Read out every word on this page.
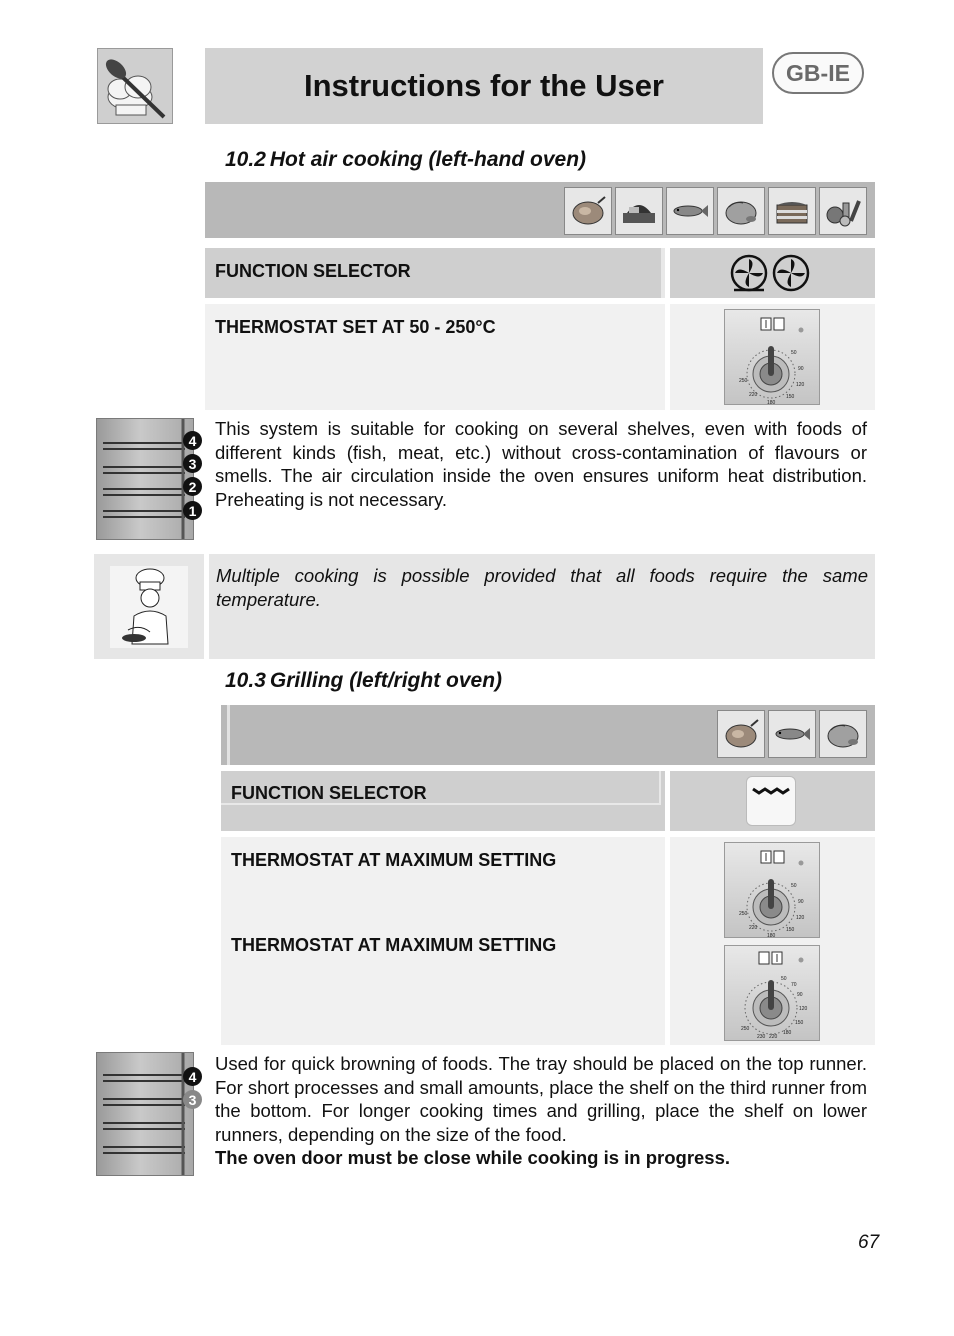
Instructions for the User	GB-IE
10.2 Hot air cooking (left-hand oven)
FUNCTION SELECTOR
THERMOSTAT SET AT 50 - 250°C
50
90
120
150
180
220
250
4
3
2
1

This system is suitable for cooking on several shelves, even with foods of different kinds (fish, meat, etc.) without cross-contamination of flavours or smells. The air circulation inside the oven ensures uniform heat distribution. Preheating is not necessary.

Multiple cooking is possible provided that all foods require the same temperature.

10.3 Grilling (left/right oven)
FUNCTION SELECTOR
THERMOSTAT AT MAXIMUM SETTING
THERMOSTAT AT MAXIMUM SETTING
50
90
120
150
180
220
250
50
70
90
120
150
180
220
230
250
4
3

Used for quick browning of foods. The tray should be placed on the top runner. For short processes and small amounts, place the shelf on the third runner from the bottom. For longer cooking times and grilling, place the shelf on lower runners, depending on the size of the food.

The oven door must be close while cooking is in progress.

67
